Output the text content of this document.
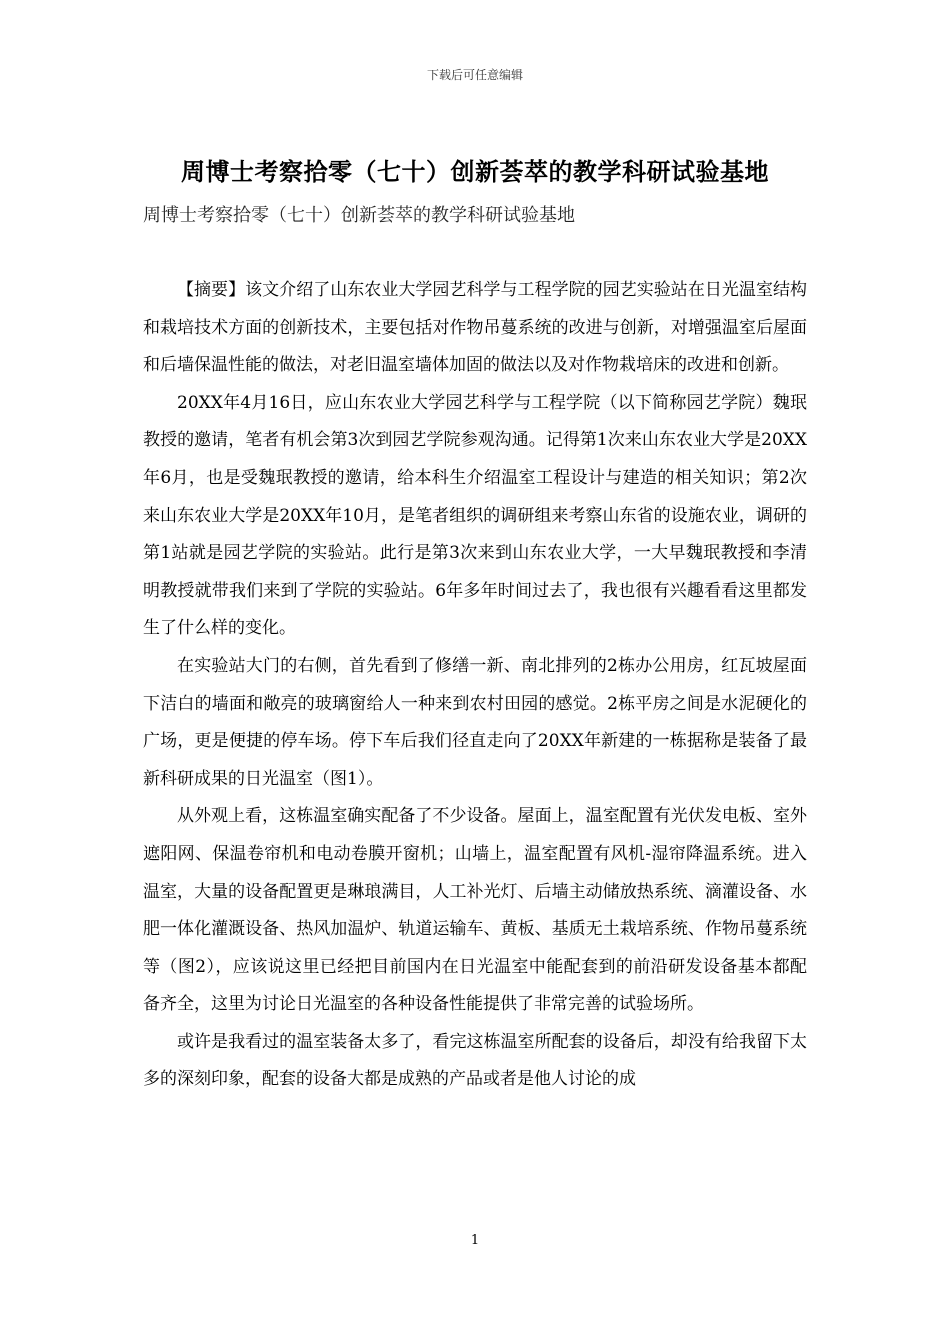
下载后可任意编辑
周博士考察拾零（七十）创新荟萃的教学科研试验基地
周博士考察拾零（七十）创新荟萃的教学科研试验基地

【摘要】该文介绍了山东农业大学园艺科学与工程学院的园艺实验站在日光温室结构和栽培技术方面的创新技术，主要包括对作物吊蔓系统的改进与创新，对增强温室后屋面和后墙保温性能的做法，对老旧温室墙体加固的做法以及对作物栽培床的改进和创新。

20XX年4月16日，应山东农业大学园艺科学与工程学院（以下简称园艺学院）魏珉教授的邀请，笔者有机会第3次到园艺学院参观沟通。记得第1次来山东农业大学是20XX年6月，也是受魏珉教授的邀请，给本科生介绍温室工程设计与建造的相关知识；第2次来山东农业大学是20XX年10月，是笔者组织的调研组来考察山东省的设施农业，调研的第1站就是园艺学院的实验站。此行是第3次来到山东农业大学，一大早魏珉教授和李清明教授就带我们来到了学院的实验站。6年多年时间过去了，我也很有兴趣看看这里都发生了什么样的变化。

在实验站大门的右侧，首先看到了修缮一新、南北排列的2栋办公用房，红瓦坡屋面下洁白的墙面和敞亮的玻璃窗给人一种来到农村田园的感觉。2栋平房之间是水泥硬化的广场，更是便捷的停车场。停下车后我们径直走向了20XX年新建的一栋据称是装备了最新科研成果的日光温室（图1）。

从外观上看，这栋温室确实配备了不少设备。屋面上，温室配置有光伏发电板、室外遮阳网、保温卷帘机和电动卷膜开窗机；山墙上，温室配置有风机-湿帘降温系统。进入温室，大量的设备配置更是琳琅满目，人工补光灯、后墙主动储放热系统、滴灌设备、水肥一体化灌溉设备、热风加温炉、轨道运输车、黄板、基质无土栽培系统、作物吊蔓系统等（图2），应该说这里已经把目前国内在日光温室中能配套到的前沿研发设备基本都配备齐全，这里为讨论日光温室的各种设备性能提供了非常完善的试验场所。

或许是我看过的温室装备太多了，看完这栋温室所配套的设备后，却没有给我留下太多的深刻印象，配套的设备大都是成熟的产品或者是他人讨论的成

1
